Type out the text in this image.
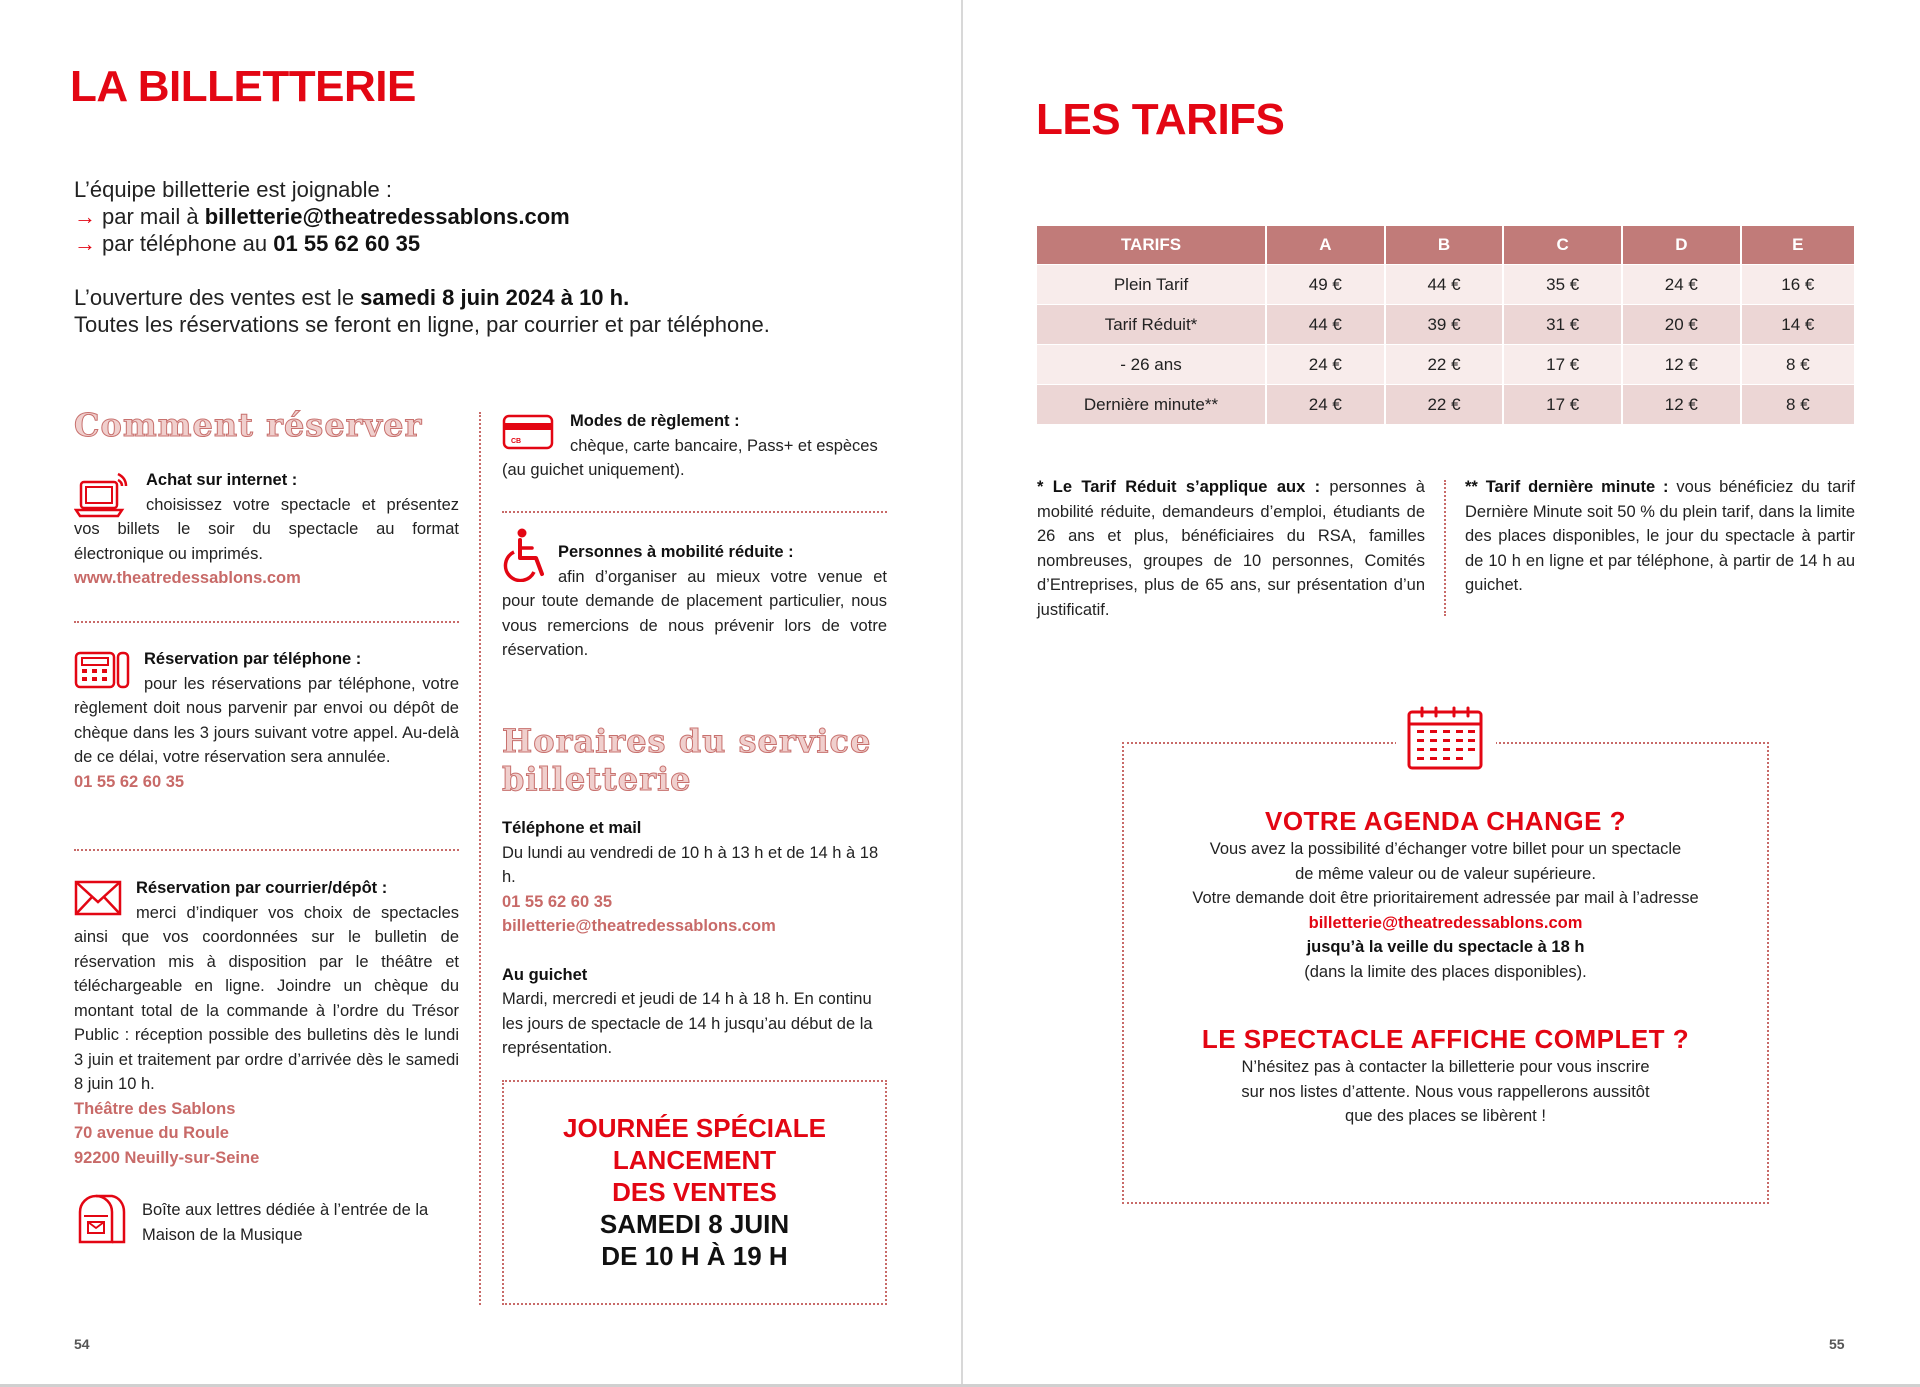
LA BILLETTERIE
L’équipe billetterie est joignable :
→ par mail à billetterie@theatredessablons.com
→ par téléphone au 01 55 62 60 35
L’ouverture des ventes est le samedi 8 juin 2024 à 10 h.
Toutes les réservations se feront en ligne, par courrier et par téléphone.
Comment réserver
Achat sur internet :
choisissez votre spectacle et présentez vos billets le soir du spectacle au format électronique ou imprimés.
www.theatredessablons.com
Réservation par téléphone :
pour les réservations par téléphone, votre règlement doit nous parvenir par envoi ou dépôt de chèque dans les 3 jours suivant votre appel. Au-delà de ce délai, votre réservation sera annulée.
01 55 62 60 35
Réservation par courrier/dépôt :
merci d’indiquer vos choix de spectacles ainsi que vos coordonnées sur le bulletin de réservation mis à disposition par le théâtre et téléchargeable en ligne. Joindre un chèque du montant total de la commande à l’ordre du Trésor Public : réception possible des bulletins dès le lundi 3 juin et traitement par ordre d’arrivée dès le samedi 8 juin 10 h.
Théâtre des Sablons
70 avenue du Roule
92200 Neuilly-sur-Seine
Boîte aux lettres dédiée à l’entrée de la Maison de la Musique
CB
Modes de règlement :
chèque, carte bancaire, Pass+ et espèces (au guichet uniquement).
Personnes à mobilité réduite :
afin d’organiser au mieux votre venue et pour toute demande de placement particulier, nous vous remercions de nous prévenir lors de votre réservation.
Horaires du service
billetterie
Téléphone et mail
Du lundi au vendredi de 10 h à 13 h et de 14 h à 18 h.
01 55 62 60 35
billetterie@theatredessablons.com
Au guichet
Mardi, mercredi et jeudi de 14 h à 18 h. En continu les jours de spectacle de 14 h jusqu’au début de la représentation.
JOURNÉE SPÉCIALE
LANCEMENT
DES VENTES
SAMEDI 8 JUIN
DE 10 H À 19 H
54
LES TARIFS
TARIFS	A	B	C	D	E
Plein Tarif	49 €	44 €	35 €	24 €	16 €
Tarif Réduit*	44 €	39 €	31 €	20 €	14 €
- 26 ans	24 €	22 €	17 €	12 €	8 €
Dernière minute**	24 €	22 €	17 €	12 €	8 €
* Le Tarif Réduit s’applique aux : personnes à mobilité réduite, demandeurs d’emploi, étudiants de 26 ans et plus, bénéficiaires du RSA, familles nombreuses, groupes de 10 personnes, Comités d’Entreprises, plus de 65 ans, sur présentation d’un justificatif.
** Tarif dernière minute : vous bénéficiez du tarif Dernière Minute soit 50 % du plein tarif, dans la limite des places disponibles, le jour du spectacle à partir de 10 h en ligne et par téléphone, à partir de 14 h au guichet.
VOTRE AGENDA CHANGE ?

Vous avez la possibilité d’échanger votre billet pour un spectacle

de même valeur ou de valeur supérieure.

Votre demande doit être prioritairement adressée par mail à l’adresse

billetterie@theatredessablons.com

jusqu’à la veille du spectacle à 18 h

(dans la limite des places disponibles).

LE SPECTACLE AFFICHE COMPLET ?

N’hésitez pas à contacter la billetterie pour vous inscrire

sur nos listes d’attente. Nous vous rappellerons aussitôt

que des places se libèrent !

55
